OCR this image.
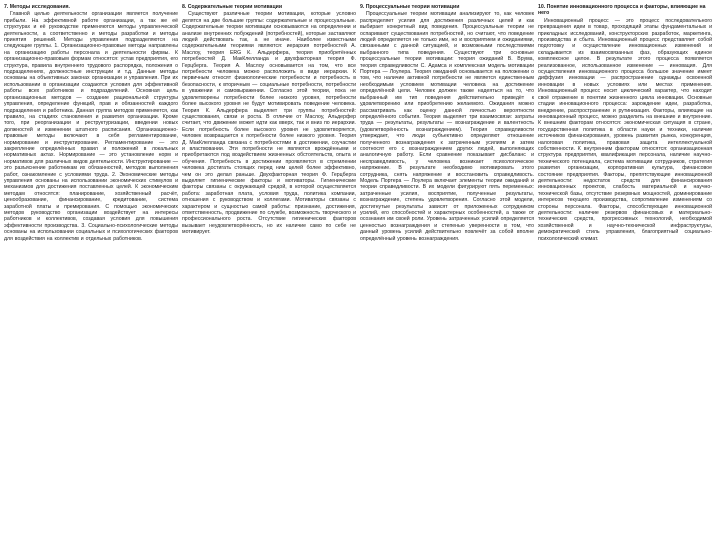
7. Методы исследования.

Главной целью деятельности организации является получение прибыли. На эффективной работе организации, а так же её структурах и её руководстве применяются методы управленческой деятельности, а соответственно и методы разработки и методы принятия решений. Методы управления подразделяются на следующие группы. 1. Организационно-правовые методы направлены на организацию работы персонала и деятельности фирмы. К организационно-правовым формам относятся: устав предприятия, его структура, правила внутреннего трудового распорядка, положения о подразделениях, должностные инструкции и т.д. Данные методы основаны на объективных законах организации и управления. При их использовании в организации создаются условия для эффективной работы всех работников и подразделений. Основная цель организационных методов — создание рациональной структуры управления, определение функций, прав и обязанностей каждого подразделения и работника. Данная группа методов применяется, как правило, на стадиях становления и развития организации. Кроме того, при реорганизации и реструктуризации, введении новых должностей и изменении штатного расписания. Организационно-правовые методы включают в себя регламентирование, нормирование и инструктирование. Регламентирование — это закрепление определённых правил и положений в локальных нормативных актах. Нормирование — это установление норм и нормативов для различных видов деятельности. Инструктирование — это разъяснение работникам их обязанностей, методов выполнения работ, ознакомление с условиями труда. 2. Экономические методы управления основаны на использовании экономических стимулов и механизмов для достижения поставленных целей. К экономическим методам относятся: планирование, хозяйственный расчёт, ценообразование, финансирование, кредитование, система заработной платы и премирования. С помощью экономических методов руководство организации воздействует на интересы работников и коллективов, создавая условия для повышения эффективности производства. 3. Социально-психологические методы основаны на использовании социальных и психологических факторов для воздействия на коллектив и отдельных работников.

8. Содержательные теории мотивации

Существуют различные теории мотивации, которые условно делятся на две большие группы: содержательные и процессуальные. Содержательные теории мотивации основываются на определении и анализе внутренних побуждений (потребностей), которые заставляют людей действовать так, а не иначе. Наиболее известными содержательными теориями являются: иерархия потребностей А. Маслоу, теория ERG К. Альдерфера, теория приобретённых потребностей Д. МакКлелланда и двухфакторная теория Ф. Герцберга. Теория А. Маслоу основывается на том, что все потребности человека можно расположить в виде иерархии. К первичным относят физиологические потребности и потребность в безопасности, к вторичным — социальные потребности, потребности в уважении и самовыражении. Согласно этой теории, пока не удовлетворены потребности более низкого уровня, потребности более высокого уровня не будут мотивировать поведение человека. Теория К. Альдерфера выделяет три группы потребностей: существования, связи и роста. В отличие от Маслоу, Альдерфер считает, что движение может идти как вверх, так и вниз по иерархии. Если потребность более высокого уровня не удовлетворяется, человек возвращается к потребности более низкого уровня. Теория Д. МакКлелланда связана с потребностями в достижении, соучастии и властвовании. Эти потребности не являются врождёнными и приобретаются под воздействием жизненных обстоятельств, опыта и обучения. Потребность в достижении проявляется в стремлении человека достигать стоящих перед ним целей более эффективно, чем он это делал раньше. Двухфакторная теория Ф. Герцберга выделяет гигиенические факторы и мотиваторы. Гигиенические факторы связаны с окружающей средой, в которой осуществляется работа: заработная плата, условия труда, политика компании, отношения с руководством и коллегами. Мотиваторы связаны с характером и сущностью самой работы: признание, достижения, ответственность, продвижение по службе, возможность творческого и профессионального роста. Отсутствие гигиенических факторов вызывает неудовлетворённость, но их наличие само по себе не мотивирует.

9. Процессуальные теории мотивации

Процессуальные теории мотивации анализируют то, как человек распределяет усилия для достижения различных целей и как выбирает конкретный вид поведения. Процессуальные теории не оспаривают существования потребностей, но считают, что поведение людей определяется не только ими, но и восприятием и ожиданиями, связанными с данной ситуацией, и возможными последствиями выбранного типа поведения. Существуют три основные процессуальные теории мотивации: теория ожиданий В. Врума, теория справедливости С. Адамса и комплексная модель мотивации Портера — Лоулера. Теория ожиданий основывается на положении о том, что наличие активной потребности не является единственным необходимым условием мотивации человека на достижение определённой цели. Человек должен также надеяться на то, что выбранный им тип поведения действительно приведёт к удовлетворению или приобретению желаемого. Ожидания можно рассматривать как оценку данной личностью вероятности определённого события. Теория выделяет три взаимосвязи: затраты труда — результаты, результаты — вознаграждение и валентность (удовлетворённость вознаграждением). Теория справедливости утверждает, что люди субъективно определяют отношение полученного вознаграждения к затраченным усилиям и затем соотносят его с вознаграждением других людей, выполняющих аналогичную работу. Если сравнение показывает дисбаланс и несправедливость, у человека возникает психологическое напряжение. В результате необходимо мотивировать этого сотрудника, снять напряжение и восстановить справедливость. Модель Портера — Лоулера включает элементы теории ожиданий и теории справедливости. В их модели фигурируют пять переменных: затраченные усилия, восприятие, полученные результаты, вознаграждение, степень удовлетворения. Согласно этой модели, достигнутые результаты зависят от приложенных сотрудником усилий, его способностей и характерных особенностей, а также от осознания им своей роли. Уровень затраченных усилий определяется ценностью вознаграждения и степенью уверенности в том, что данный уровень усилий действительно повлечёт за собой вполне определённый уровень вознаграждения.

10. Понятие инновационного процесса и факторы, влияющие на него

Инновационный процесс — это процесс последовательного превращения идеи в товар, проходящий этапы фундаментальных и прикладных исследований, конструкторских разработок, маркетинга, производства и сбыта. Инновационный процесс представляет собой подготовку и осуществление инновационных изменений и складывается из взаимосвязанных фаз, образующих единое комплексное целое. В результате этого процесса появляется реализованное, использованное изменение — инновация. Для осуществления инновационного процесса большое значение имеет диффузия инновации — распространение однажды освоенной инновации в новых условиях или местах применения. Инновационный процесс носит циклический характер, что находит своё отражение в понятии жизненного цикла инновации. Основные стадии инновационного процесса: зарождение идеи, разработка, внедрение, распространение и рутинизация. Факторы, влияющие на инновационный процесс, можно разделить на внешние и внутренние. К внешним факторам относятся: экономическая ситуация в стране, государственная политика в области науки и техники, наличие источников финансирования, уровень развития рынка, конкуренция, налоговая политика, правовая защита интеллектуальной собственности. К внутренним факторам относятся: организационная структура предприятия, квалификация персонала, наличие научно-технического потенциала, система мотивации сотрудников, стратегия развития организации, корпоративная культура, финансовое состояние предприятия. Факторы, препятствующие инновационной деятельности: недостаток средств для финансирования инновационных проектов, слабость материальной и научно-технической базы, отсутствие резервных мощностей, доминирование интересов текущего производства, сопротивление изменениям со стороны персонала. Факторы, способствующие инновационной деятельности: наличие резервов финансовых и материально-технических средств, прогрессивных технологий, необходимой хозяйственной и научно-технической инфраструктуры, демократический стиль управления, благоприятный социально-психологический климат.
